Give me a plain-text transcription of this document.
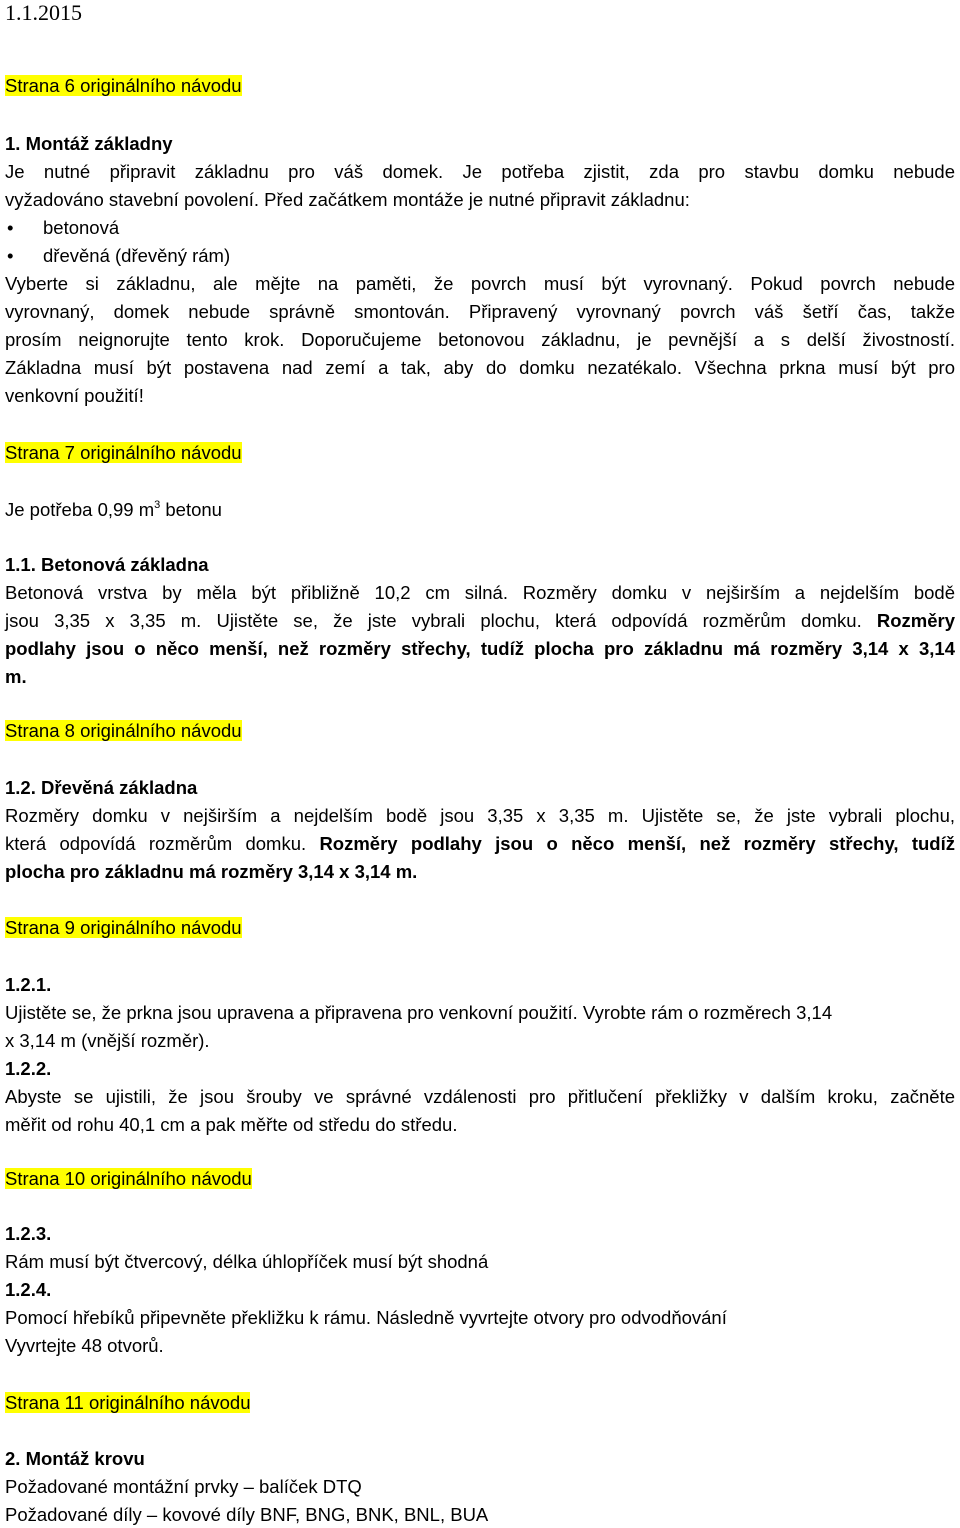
1.1.2015
Strana 6 originálního návodu
1. Montáž základny
Je nutné připravit základnu pro váš domek. Je potřeba zjistit, zda pro stavbu domku nebude
vyžadováno stavební povolení. Před začátkem montáže je nutné připravit základnu:
• betonová
• dřevěná (dřevěný rám)
Vyberte si základnu, ale mějte na paměti, že povrch musí být vyrovnaný. Pokud povrch nebude
vyrovnaný, domek nebude správně smontován. Připravený vyrovnaný povrch váš šetří čas, takže
prosím neignorujte tento krok. Doporučujeme betonovou základnu, je pevnější a s delší živostností.
Základna musí být postavena nad zemí a tak, aby do domku nezatékalo. Všechna prkna musí být pro
venkovní použití!
Strana 7 originálního návodu
Je potřeba 0,99 $m^3$ betonu
1.1. Betonová základna
Betonová vrstva by měla být přibližně 10,2 cm silná. Rozměry domku v nejširším a nejdelším bodě
jsou 3,35 x 3,35 m. Ujistěte se, že jste vybrali plochu, která odpovídá rozměrům domku. Rozměry
podlahy jsou o něco menší, než rozměry střechy, tudíž plocha pro základnu má rozměry 3,14 x 3,14
m.
Strana 8 originálního návodu
1.2. Dřevěná základna
Rozměry domku v nejširším a nejdelším bodě jsou 3,35 x 3,35 m. Ujistěte se, že jste vybrali plochu,
která odpovídá rozměrům domku. Rozměry podlahy jsou o něco menší, než rozměry střechy, tudíž
plocha pro základnu má rozměry 3,14 x 3,14 m.
Strana 9 originálního návodu
1.2.1.
Ujistěte se, že prkna jsou upravena a připravena pro venkovní použití. Vyrobte rám o rozměrech 3,14
x 3,14 m (vnější rozměr).
1.2.2.
Abyste se ujistili, že jsou šrouby ve správné vzdálenosti pro přitlučení překližky v dalším kroku, začněte
měřit od rohu 40,1 cm a pak měřte od středu do středu.
Strana 10 originálního návodu
1.2.3.
Rám musí být čtvercový, délka úhlopříček musí být shodná
1.2.4.
Pomocí hřebíků připevněte překližku k rámu. Následně vyvrtejte otvory pro odvodňování
Vyvrtejte 48 otvorů.
Strana 11 originálního návodu
2. Montáž krovu
Požadované montážní prvky – balíček DTQ
Požadované díly – kovové díly BNF, BNG, BNK, BNL, BUA
